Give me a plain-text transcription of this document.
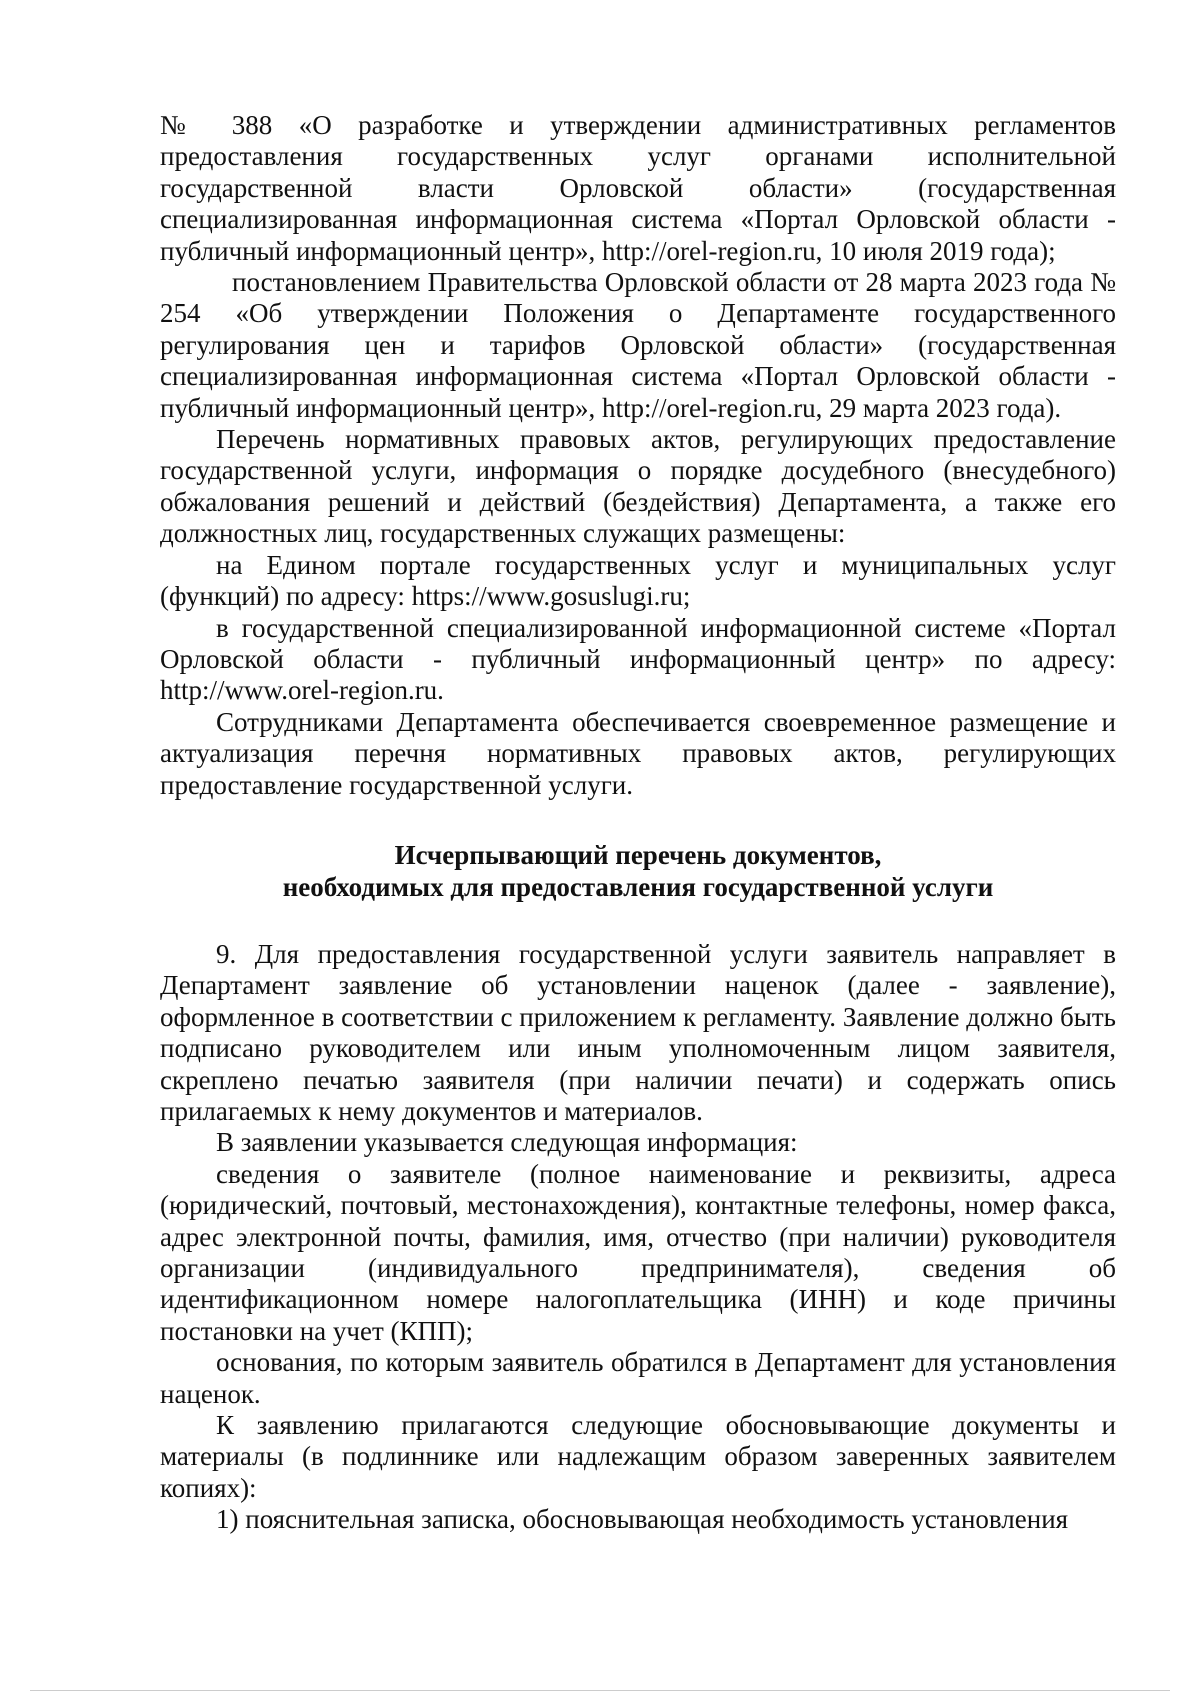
№ 388 «О разработке и утверждении административных регламентов предоставления государственных услуг органами исполнительной государственной власти Орловской области» (государственная специализированная информационная система «Портал Орловской области - публичный информационный центр», http://orel-region.ru, 10 июля 2019 года);

постановлением Правительства Орловской области от 28 марта 2023 года № 254 «Об утверждении Положения о Департаменте государственного регулирования цен и тарифов Орловской области» (государственная специализированная информационная система «Портал Орловской области - публичный информационный центр», http://orel-region.ru, 29 марта 2023 года).

Перечень нормативных правовых актов, регулирующих предоставление государственной услуги, информация о порядке досудебного (внесудебного) обжалования решений и действий (бездействия) Департамента, а также его должностных лиц, государственных служащих размещены:

на Едином портале государственных услуг и муниципальных услуг (функций) по адресу: https://www.gosuslugi.ru;

в государственной специализированной информационной системе «Портал Орловской области - публичный информационный центр» по адресу: http://www.orel-region.ru.

Сотрудниками Департамента обеспечивается своевременное размещение и актуализация перечня нормативных правовых актов, регулирующих предоставление государственной услуги.

Исчерпывающий перечень документов,
необходимых для предоставления государственной услуги

9. Для предоставления государственной услуги заявитель направляет в Департамент заявление об установлении наценок (далее - заявление), оформленное в соответствии с приложением к регламенту. Заявление должно быть подписано руководителем или иным уполномоченным лицом заявителя, скреплено печатью заявителя (при наличии печати) и содержать опись прилагаемых к нему документов и материалов.

В заявлении указывается следующая информация:

сведения о заявителе (полное наименование и реквизиты, адреса (юридический, почтовый, местонахождения), контактные телефоны, номер факса, адрес электронной почты, фамилия, имя, отчество (при наличии) руководителя организации (индивидуального предпринимателя), сведения об идентификационном номере налогоплательщика (ИНН) и коде причины постановки на учет (КПП);

основания, по которым заявитель обратился в Департамент для установления наценок.

К заявлению прилагаются следующие обосновывающие документы и материалы (в подлиннике или надлежащим образом заверенных заявителем копиях):

1) пояснительная записка, обосновывающая необходимость установления
